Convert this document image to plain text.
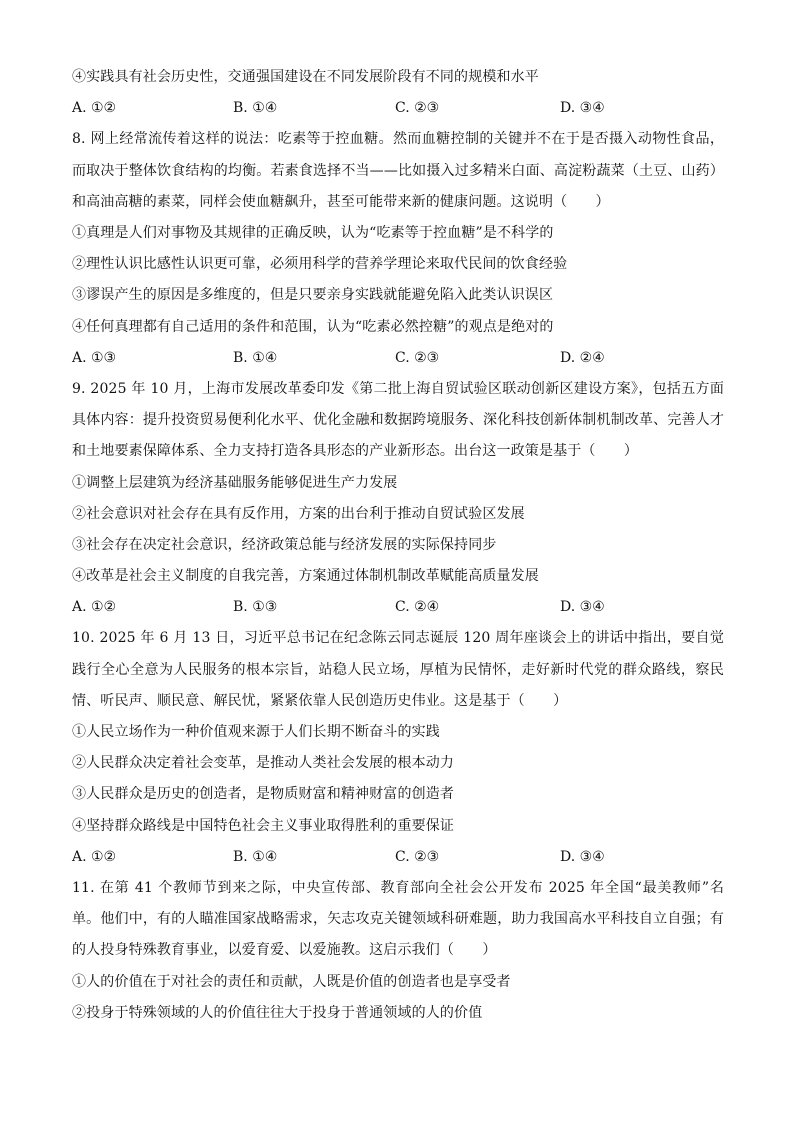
④实践具有社会历史性，交通强国建设在不同发展阶段有不同的规模和水平
A. ①②	B. ①④	C. ②③	D. ③④
8. 网上经常流传着这样的说法：吃素等于控血糖。然而血糖控制的关键并不在于是否摄入动物性食品，而取决于整体饮食结构的均衡。若素食选择不当——比如摄入过多精米白面、高淀粉蔬菜（土豆、山药）和高油高糖的素菜，同样会使血糖飙升，甚至可能带来新的健康问题。这说明（　　）
①真理是人们对事物及其规律的正确反映，认为“吃素等于控血糖”是不科学的
②理性认识比感性认识更可靠，必须用科学的营养学理论来取代民间的饮食经验
③谬误产生的原因是多维度的，但是只要亲身实践就能避免陷入此类认识误区
④任何真理都有自己适用的条件和范围，认为“吃素必然控糖”的观点是绝对的
A. ①③	B. ①④	C. ②③	D. ②④
9. 2025 年 10 月，上海市发展改革委印发《第二批上海自贸试验区联动创新区建设方案》，包括五方面具体内容：提升投资贸易便利化水平、优化金融和数据跨境服务、深化科技创新体制机制改革、完善人才和土地要素保障体系、全力支持打造各具形态的产业新形态。出台这一政策是基于（　　）
①调整上层建筑为经济基础服务能够促进生产力发展
②社会意识对社会存在具有反作用，方案的出台利于推动自贸试验区发展
③社会存在决定社会意识，经济政策总能与经济发展的实际保持同步
④改革是社会主义制度的自我完善，方案通过体制机制改革赋能高质量发展
A. ①②	B. ①③	C. ②④	D. ③④
10. 2025 年 6 月 13 日，习近平总书记在纪念陈云同志诞辰 120 周年座谈会上的讲话中指出，要自觉践行全心全意为人民服务的根本宗旨，站稳人民立场，厚植为民情怀，走好新时代党的群众路线，察民情、听民声、顺民意、解民忧，紧紧依靠人民创造历史伟业。这是基于（　　）
①人民立场作为一种价值观来源于人们长期不断奋斗的实践
②人民群众决定着社会变革，是推动人类社会发展的根本动力
③人民群众是历史的创造者，是物质财富和精神财富的创造者
④坚持群众路线是中国特色社会主义事业取得胜利的重要保证
A. ①②	B. ①④	C. ②③	D. ③④
11. 在第 41 个教师节到来之际，中央宣传部、教育部向全社会公开发布 2025 年全国“最美教师”名单。他们中，有的人瞄准国家战略需求，矢志攻克关键领域科研难题，助力我国高水平科技自立自强；有的人投身特殊教育事业，以爱育爱、以爱施教。这启示我们（　　）
①人的价值在于对社会的责任和贡献，人既是价值的创造者也是享受者
②投身于特殊领域的人的价值往往大于投身于普通领域的人的价值
